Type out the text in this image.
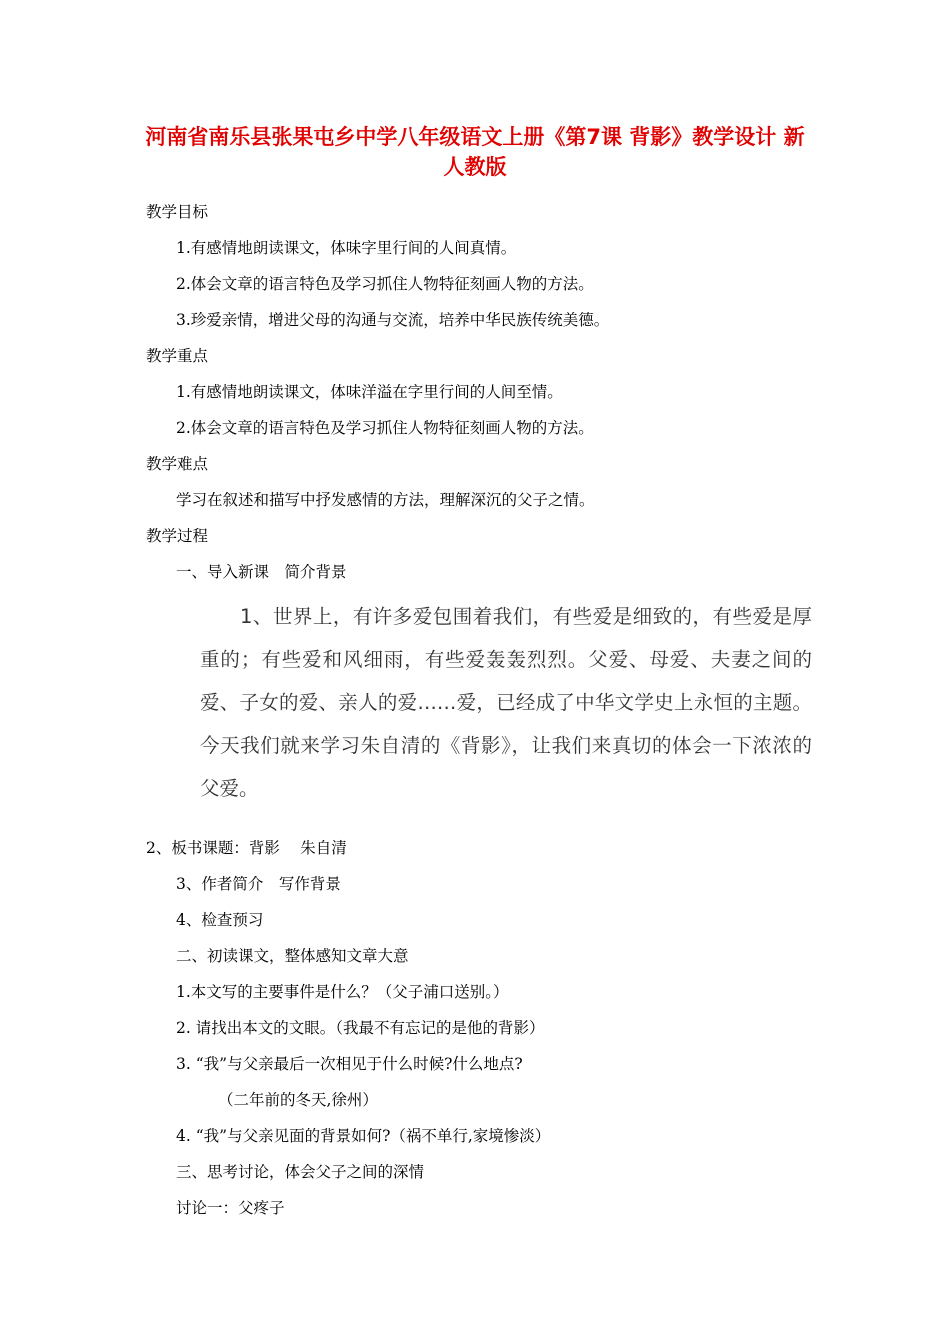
河南省南乐县张果屯乡中学八年级语文上册《第7课 背影》教学设计 新人教版
教学目标
1.有感情地朗读课文，体味字里行间的人间真情。
2.体会文章的语言特色及学习抓住人物特征刻画人物的方法。
3.珍爱亲情，增进父母的沟通与交流，培养中华民族传统美德。
教学重点
1.有感情地朗读课文，体味洋溢在字里行间的人间至情。
2.体会文章的语言特色及学习抓住人物特征刻画人物的方法。
教学难点
学习在叙述和描写中抒发感情的方法，理解深沉的父子之情。
教学过程
一、导入新课　简介背景
2、板书课题：背影　 朱自清
3、作者简介　写作背景
4、检查预习
二、初读课文，整体感知文章大意
1.本文写的主要事件是什么？（父子浦口送别。）
2. 请找出本文的文眼。（我最不有忘记的是他的背影）
3. “我”与父亲最后一次相见于什么时候?什么地点?
（二年前的冬天,徐州）
4. “我”与父亲见面的背景如何?（祸不单行,家境惨淡）
三、思考讨论，体会父子之间的深情
讨论一：父疼子
1、世界上，有许多爱包围着我们，有些爱是细致的，有些爱是厚重的；有些爱和风细雨，有些爱轰轰烈烈。父爱、母爱、夫妻之间的爱、子女的爱、亲人的爱……爱，已经成了中华文学史上永恒的主题。今天我们就来学习朱自清的《背影》，让我们来真切的体会一下浓浓的父爱。
